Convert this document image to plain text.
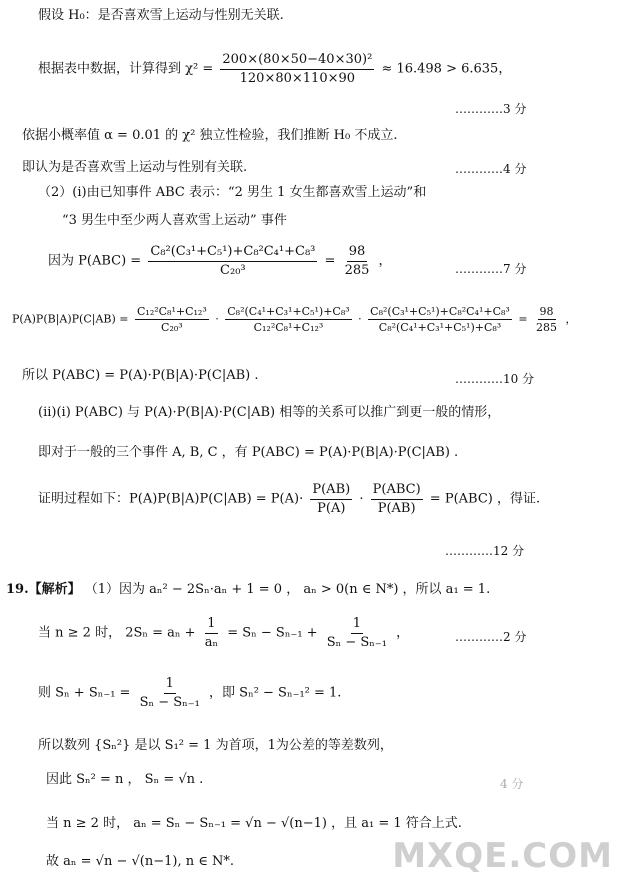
假设 H₀：是否喜欢雪上运动与性别无关联.
根据表中数据，计算得到 $\chi^2 = \frac{\text{200×(80×50−40×30)²}}{120\times 80\times 110\times 90} \approx 16.498 > 6.635$，
…………3 分
依据小概率值 α = 0.01 的 χ² 独立性检验，我们推断 H₀ 不成立.
即认为是否喜欢雪上运动与性别有关联.	…………4 分
（2）(i)由已知事件 ABC 表示：“2 男生 1 女生都喜欢雪上运动”和
“3 男生中至少两人喜欢雪上运动” 事件
因为 $P(ABC) = \frac{\text{C₈²(C₃¹+C₅¹)+C₈²C₄¹+C₈³}}{\text{C₂₀³}} = \frac{98}{285}$ ，
…………7 分
$P(A)P(B|A)P(C|AB) = \frac{\text{C₁₂²C₈¹+C₁₂³}}{\text{C₂₀³}} \cdot \frac{\text{C₈²(C₄¹+C₃¹+C₅¹)+C₈³}}{\text{C₁₂²C₈¹+C₁₂³}} \cdot \frac{\text{C₈²(C₃¹+C₅¹)+C₈²C₄¹+C₈³}}{\text{C₈²(C₄¹+C₃¹+C₅¹)+C₈³}} = \frac{98}{285}$ ，
所以 P(ABC) = P(A)·P(B|A)·P(C|AB) .	…………10 分
(ii)(i) P(ABC) 与 P(A)·P(B|A)·P(C|AB) 相等的关系可以推广到更一般的情形，
即对于一般的三个事件 A, B, C ，有 P(ABC) = P(A)·P(B|A)·P(C|AB) .
证明过程如下：$P(A)P(B|A)P(C|AB) = P(A)\cdot \frac{P(AB)}{P(A)} \cdot \frac{\text{P(ABC)}}{P(AB)} = P(ABC)$ ，得证.
…………12 分
19.【解析】 （1）因为 aₙ² − 2Sₙ·aₙ + 1 = 0 ， aₙ > 0(n ∈ N*) ，所以 a₁ = 1.
当 n ≥ 2 时， $2S_n = a_n + \frac{1}{\text{aₙ}} = S_n - S_{n-1} + \frac{1}{\text{Sₙ − Sₙ₋₁}}$ ，	…………2 分
则 $S_n + S_{n-1} = \frac{1}{\text{Sₙ − Sₙ₋₁}}$ ，即 Sₙ² − Sₙ₋₁² = 1.
所以数列 {Sₙ²} 是以 S₁² = 1 为首项，1为公差的等差数列，
因此 Sₙ² = n ， Sₙ = √n .	4 分
当 n ≥ 2 时， aₙ = Sₙ − Sₙ₋₁ = √n − √(n−1) ，且 a₁ = 1 符合上式.
故 aₙ = √n − √(n−1), n ∈ N*.	MXQE.COM
